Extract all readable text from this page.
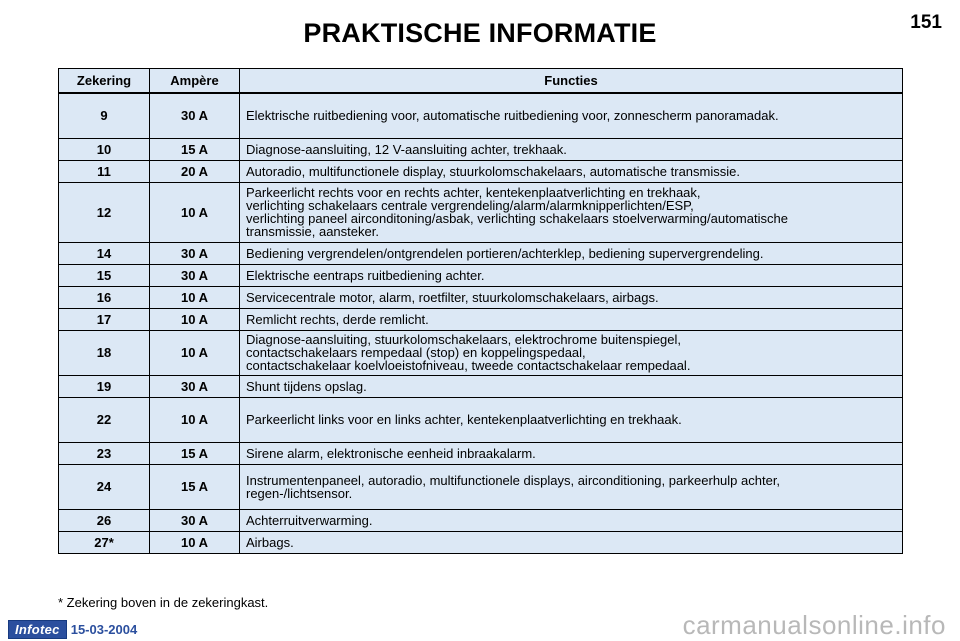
PRAKTISCHE INFORMATIE	151
Zekering	Ampère	Functies
9	30 A	Elektrische ruitbediening voor, automatische ruitbediening voor, zonnescherm panoramadak.

10	15 A	Diagnose-aansluiting, 12 V-aansluiting achter, trekhaak.

11	20 A	Autoradio, multifunctionele display, stuurkolomschakelaars, automatische transmissie.

12	10 A	Parkeerlicht rechts voor en rechts achter, kentekenplaatverlichting en trekhaak,
verlichting schakelaars centrale vergrendeling/alarm/alarmknipperlichten/ESP,
verlichting paneel airconditoning/asbak, verlichting schakelaars stoelverwarming/automatische
transmissie, aansteker.

14	30 A	Bediening vergrendelen/ontgrendelen portieren/achterklep, bediening supervergrendeling.

15	30 A	Elektrische eentraps ruitbediening achter.

16	10 A	Servicecentrale motor, alarm, roetfilter, stuurkolomschakelaars, airbags.

17	10 A	Remlicht rechts, derde remlicht.

18	10 A	Diagnose-aansluiting, stuurkolomschakelaars, elektrochrome buitenspiegel,
contactschakelaars rempedaal (stop) en koppelingspedaal,
contactschakelaar koelvloeistofniveau, tweede contactschakelaar rempedaal.

19	30 A	Shunt tijdens opslag.

22	10 A	Parkeerlicht links voor en links achter, kentekenplaatverlichting en trekhaak.

23	15 A	Sirene alarm, elektronische eenheid inbraakalarm.

24	15 A	Instrumentenpaneel, autoradio, multifunctionele displays, airconditioning, parkeerhulp achter,
regen-/lichtsensor.

26	30 A	Achterruitverwarming.

27*	10 A	Airbags.
* Zekering boven in de zekeringkast.
Infotec 15-03-2004	carmanualsonline.info
